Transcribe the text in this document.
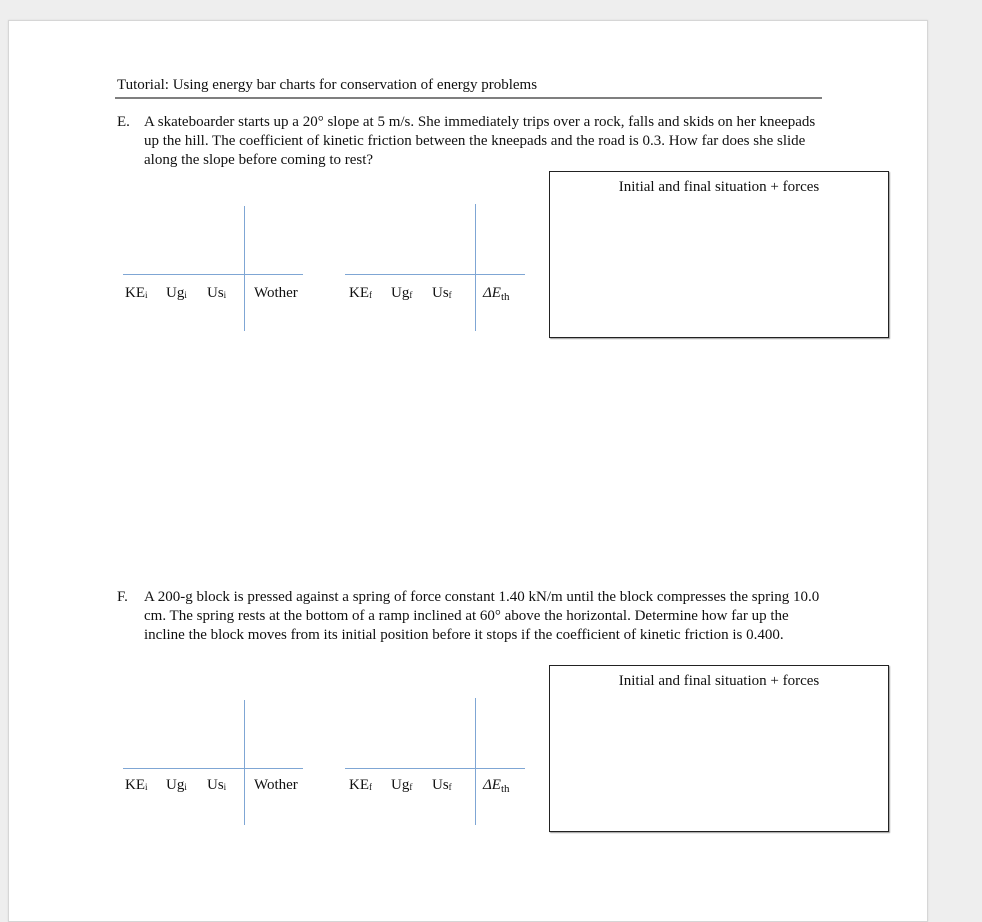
Tutorial: Using energy bar charts for conservation of energy problems
E. A skateboarder starts up a 20° slope at 5 m/s. She immediately trips over a rock, falls and skids on her kneepads up the hill. The coefficient of kinetic friction between the kneepads and the road is 0.3. How far does she slide along the slope before coming to rest?
Initial and final situation + forces
$KE_i$ $Ug_i$ $Us_i$ Wother	$KE_f$ $Ug_f$ $Us_f$ $\Delta E_{th}$
F. A 200-g block is pressed against a spring of force constant 1.40 kN/m until the block compresses the spring 10.0 cm. The spring rests at the bottom of a ramp inclined at 60° above the horizontal. Determine how far up the incline the block moves from its initial position before it stops if the coefficient of kinetic friction is 0.400.
Initial and final situation + forces
$KE_i$ $Ug_i$ $Us_i$ Wother	$KE_f$ $Ug_f$ $Us_f$ $\Delta E_{th}$
